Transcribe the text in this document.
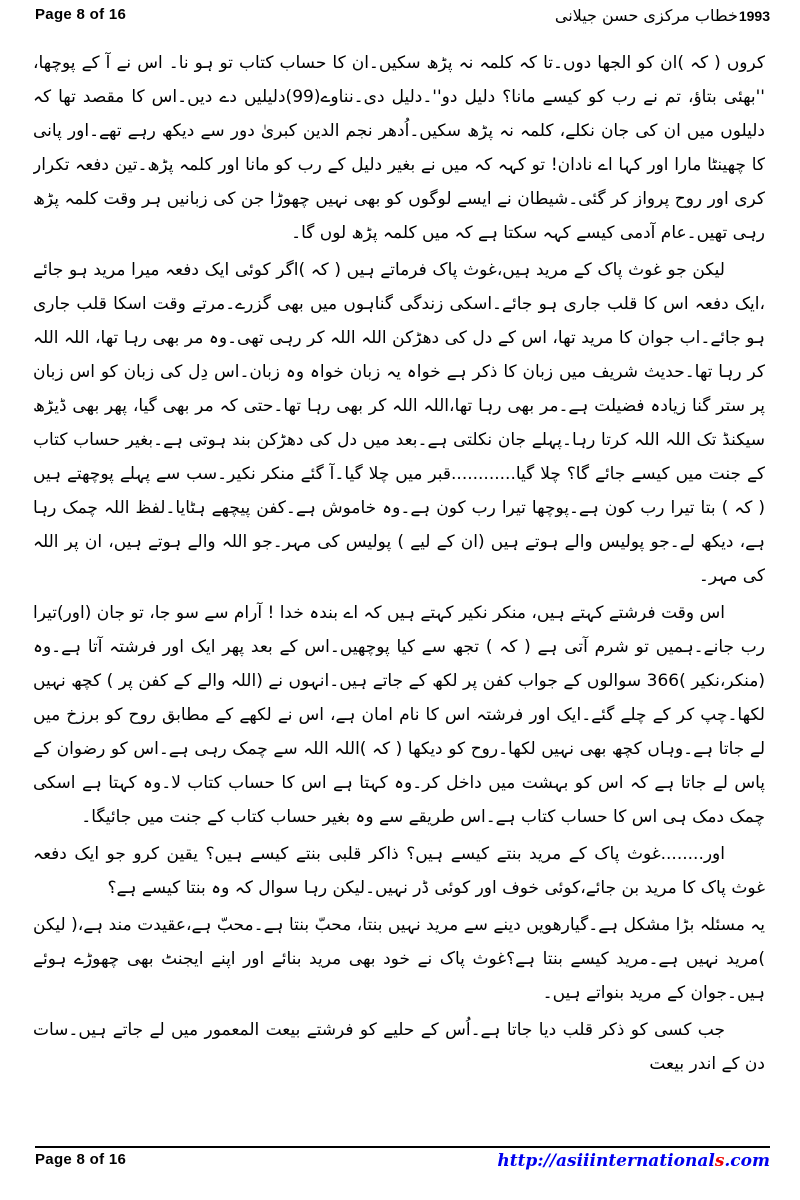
Page 8 of 16	خطاب مرکزی حسن جیلانی 1993

کروں ( کہ )ان کو الجھا دوں۔تا کہ کلمہ نہ پڑھ سکیں۔ان کا حساب کتاب تو ہو نا۔ اس نے آ کے پوچھا، ''بھئی بتاؤ، تم نے رب کو کیسے مانا؟ دلیل دو''۔دلیل دی۔نناوے(99)دلیلیں دے دیں۔اس کا مقصد تھا کہ دلیلوں میں ان کی جان نکلے، کلمہ نہ پڑھ سکیں۔اُدھر نجم الدین کبریٰ دور سے دیکھ رہے تھے۔اور پانی کا چھینٹا مارا اور کہا اے نادان! تو کہہ کہ میں نے بغیر دلیل کے رب کو مانا اور کلمہ پڑھ۔تین دفعہ تکرار کری اور روح پرواز کر گئی۔شیطان نے ایسے لوگوں کو بھی نہیں چھوڑا جن کی زبانیں ہر وقت کلمہ پڑھ رہی تھیں۔عام آدمی کیسے کہہ سکتا ہے کہ میں کلمہ پڑھ لوں گا۔

لیکن جو غوث پاک کے مرید ہیں،غوث پاک فرماتے ہیں ( کہ )اگر کوئی ایک دفعہ میرا مرید ہو جائے ،ایک دفعہ اس کا قلب جاری ہو جائے۔اسکی زندگی گناہوں میں بھی گزرے۔مرتے وقت اسکا قلب جاری ہو جائے۔اب جوان کا مرید تھا، اس کے دل کی دھڑکن اللہ اللہ کر رہی تھی۔وہ مر بھی رہا تھا، اللہ اللہ کر رہا تھا۔حدیث شریف میں زبان کا ذکر ہے خواہ یہ زبان خواہ وہ زبان۔اس دِل کی زبان کو اس زبان پر ستر گنا زیادہ فضیلت ہے۔مر بھی رہا تھا،اللہ اللہ کر بھی رہا تھا۔حتی کہ مر بھی گیا، پھر بھی ڈیڑھ سیکنڈ تک اللہ اللہ کرتا رہا۔پہلے جان نکلتی ہے۔بعد میں دل کی دھڑکن بند ہوتی ہے۔بغیر حساب کتاب کے جنت میں کیسے جائے گا؟ چلا گیا............قبر میں چلا گیا۔آ گئے منکر نکیر۔سب سے پہلے پوچھتے ہیں ( کہ ) بتا تیرا رب کون ہے۔پوچھا تیرا رب کون ہے۔وہ خاموش ہے۔کفن پیچھے ہٹایا۔لفظ اللہ چمک رہا ہے، دیکھ لے۔جو پولیس والے ہوتے ہیں (ان کے لیے ) پولیس کی مہر۔جو اللہ والے ہوتے ہیں، ان پر اللہ کی مہر۔

اس وقت فرشتے کہتے ہیں، منکر نکیر کہتے ہیں کہ اے بندہ خدا ! آرام سے سو جا، تو جان (اور)تیرا رب جانے۔ہمیں تو شرم آتی ہے ( کہ ) تجھ سے کیا پوچھیں۔اس کے بعد پھر ایک اور فرشتہ آتا ہے۔وہ (منکر،نکیر )366 سوالوں کے جواب کفن پر لکھ کے جاتے ہیں۔انہوں نے (اللہ والے کے کفن پر ) کچھ نہیں لکھا۔چپ کر کے چلے گئے۔ایک اور فرشتہ اس کا نام امان ہے، اس نے لکھے کے مطابق روح کو برزخ میں لے جاتا ہے۔وہاں کچھ بھی نہیں لکھا۔روح کو دیکھا ( کہ )اللہ اللہ سے چمک رہی ہے۔اس کو رضوان کے پاس لے جاتا ہے کہ اس کو بہشت میں داخل کر۔وہ کہتا ہے اس کا حساب کتاب لا۔وہ کہتا ہے اسکی چمک دمک ہی اس کا حساب کتاب ہے۔اس طریقے سے وہ بغیر حساب کتاب کے جنت میں جائیگا۔

اور........غوث پاک کے مرید بنتے کیسے ہیں؟ ذاکر قلبی بنتے کیسے ہیں؟ یقین کرو جو ایک دفعہ غوث پاک کا مرید بن جائے،کوئی خوف اور کوئی ڈر نہیں۔لیکن رہا سوال کہ وہ بنتا کیسے ہے؟

یہ مسئلہ بڑا مشکل ہے۔گیارھویں دینے سے مرید نہیں بنتا، محبّ بنتا ہے۔محبّ ہے،عقیدت مند ہے،( لیکن )مرید نہیں ہے۔مرید کیسے بنتا ہے؟غوث پاک نے خود بھی مرید بنائے اور اپنے ایجنٹ بھی چھوڑے ہوئے ہیں۔جوان کے مرید بنواتے ہیں۔

جب کسی کو ذکر قلب دیا جاتا ہے۔اُس کے حلیے کو فرشتے بیعت المعمور میں لے جاتے ہیں۔سات دن کے اندر بیعت

Page 8 of 16	http://asiiinternationals.com
